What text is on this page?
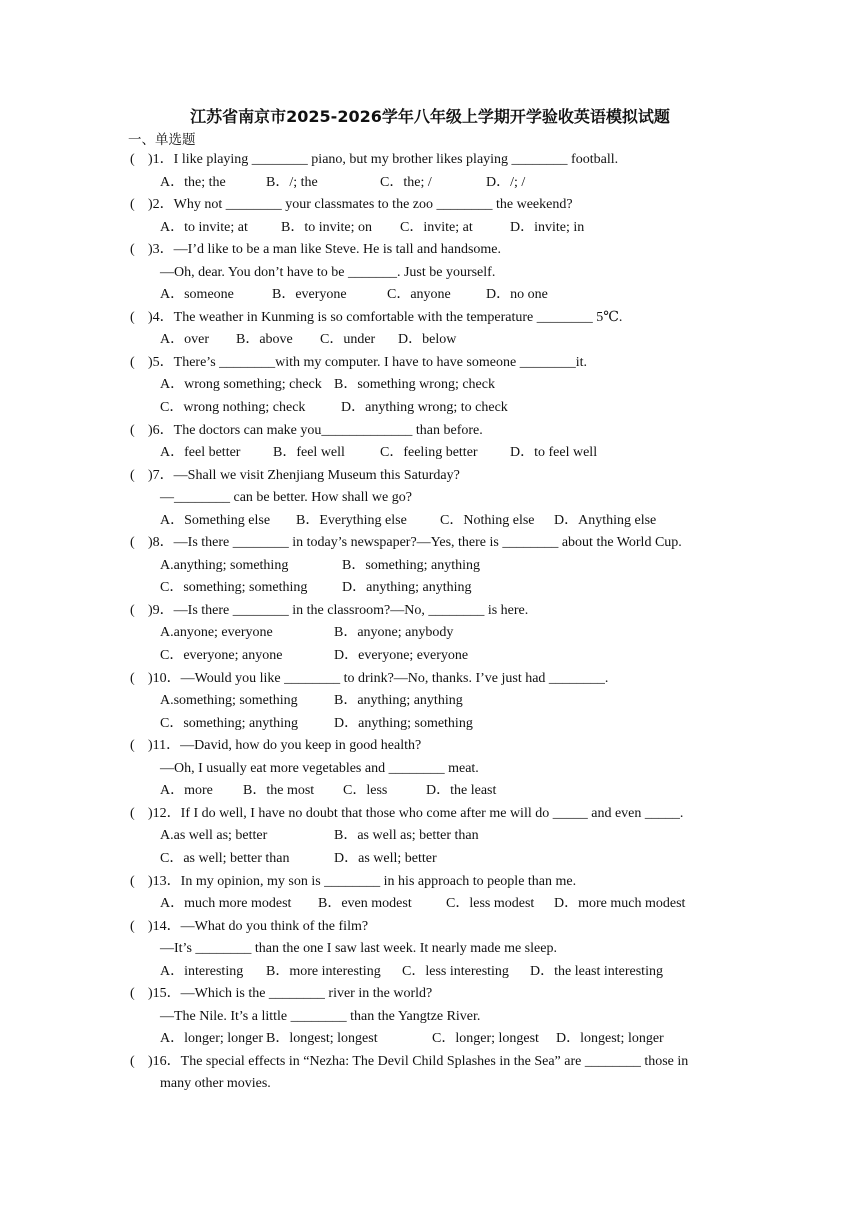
江苏省南京市2025-2026学年八年级上学期开学验收英语模拟试题
一、单选题
( )1．I like playing ________ piano, but my brother likes playing ________ football.
A．the; the	B．/; the	C．the; /	D．/; /
( )2．Why not ________ your classmates to the zoo ________ the weekend?
A．to invite; at B．to invite; on C．invite; at	D．invite; in
( )3．—I’d like to be a man like Steve. He is tall and handsome.
—Oh, dear. You don’t have to be _______. Just be yourself.
A．someone	B．everyone	C．anyone	D．no one
( )4．The weather in Kunming is so comfortable with the temperature ________ 5℃.
A．over B．above C．under D．below
( )5．There’s ________with my computer. I have to have someone ________it.
A．wrong something; check B．something wrong; check
C．wrong nothing; check	D．anything wrong; to check
( )6．The doctors can make you_____________ than before.
A．feel better B．feel well	C．feeling better D．to feel well
( )7．—Shall we visit Zhenjiang Museum this Saturday?
—________ can be better. How shall we go?
A．Something else B．Everything else C．Nothing else D．Anything else
( )8．—Is there ________ in today’s newspaper?—Yes, there is ________ about the World Cup.
A.anything; something	B．something; anything
C．something; something D．anything; anything
( )9．—Is there ________ in the classroom?—No, ________ is here.
A.anyone; everyone	B．anyone; anybody
C．everyone; anyone	D．everyone; everyone
( )10．—Would you like ________ to drink?—No, thanks. I’ve just had ________.
A.something; something	B．anything; anything
C．something; anything	D．anything; something
( )11．—David, how do you keep in good health?
—Oh, I usually eat more vegetables and ________ meat.
A．more B．the most C．less	D．the least
( )12．If I do well, I have no doubt that those who come after me will do _____ and even _____.
A.as well as; better	B．as well as; better than
C．as well; better than	D．as well; better
( )13．In my opinion, my son is ________ in his approach to people than me.
A．much more modest B．even modest C．less modest D．more much modest
( )14．—What do you think of the film?
—It’s ________ than the one I saw last week. It nearly made me sleep.
A．interesting B．more interesting C．less interesting D．the least interesting
( )15．—Which is the ________ river in the world?
—The Nile. It’s a little ________ than the Yangtze River.
A．longer; longer B．longest; longest	C．longer; longest D．longest; longer
( )16．The special effects in “Nezha: The Devil Child Splashes in the Sea” are ________ those in
many other movies.
